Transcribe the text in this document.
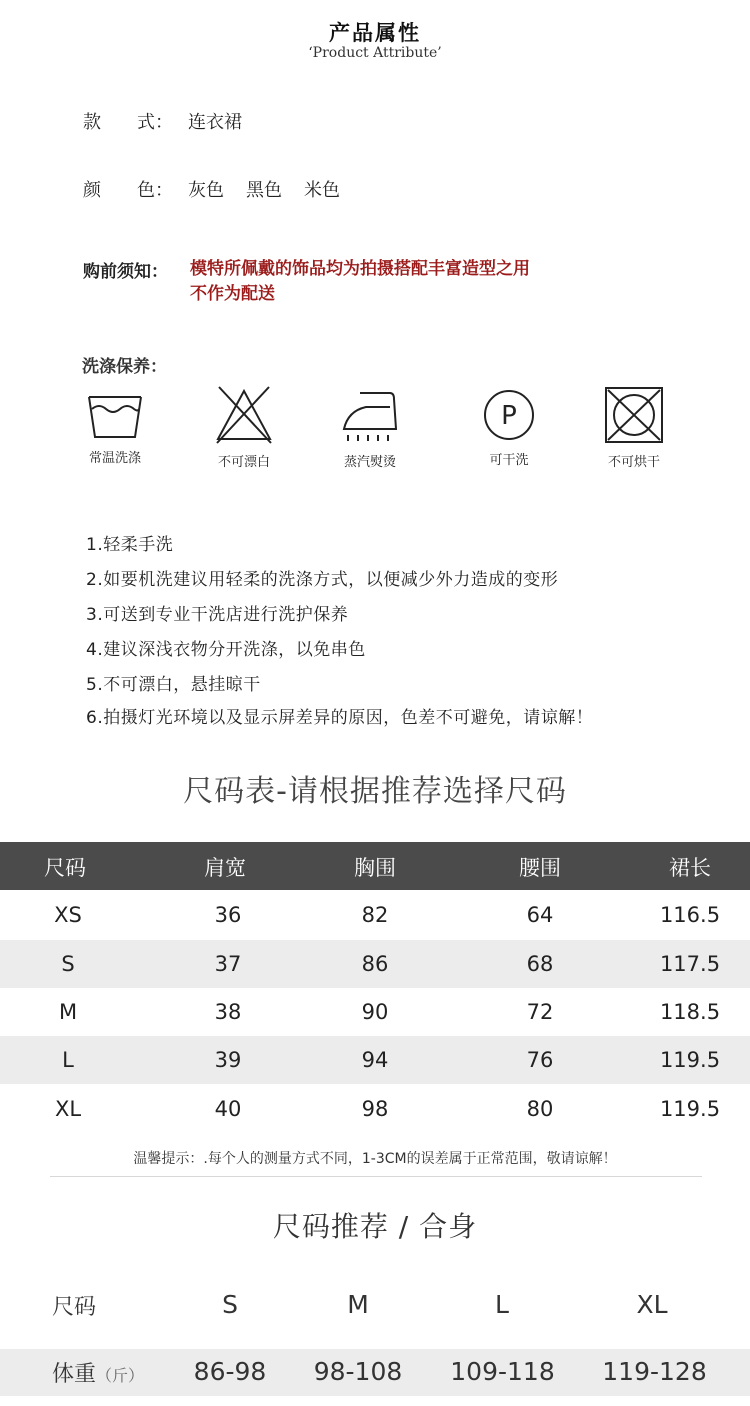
产品属性
‘Product Attribute’
款　　式： 连衣裙
颜　　色： 灰色 黑色 米色
购前须知： 模特所佩戴的饰品均为拍摄搭配丰富造型之用
不作为配送
洗涤保养：
常温洗涤	不可漂白	蒸汽熨烫
P
可干洗	不可烘干
1.轻柔手洗
2.如要机洗建议用轻柔的洗涤方式，以便减少外力造成的变形
3.可送到专业干洗店进行洗护保养
4.建议深浅衣物分开洗涤，以免串色
5.不可漂白，悬挂晾干
6.拍摄灯光环境以及显示屏差异的原因，色差不可避免，请谅解！
尺码表-请根据推荐选择尺码
尺码	肩宽	胸围	腰围	裙长
XS	36	82	64	116.5
S	37	86	68	117.5
M	38	90	72	118.5
L	39	94	76	119.5
XL	40	98	80	119.5
温馨提示：.每个人的测量方式不同，1-3CM的误差属于正常范围，敬请谅解！
尺码推荐 / 合身
尺码	S	M	L	XL
体重（斤）	86-98	98-108	109-118	119-128
